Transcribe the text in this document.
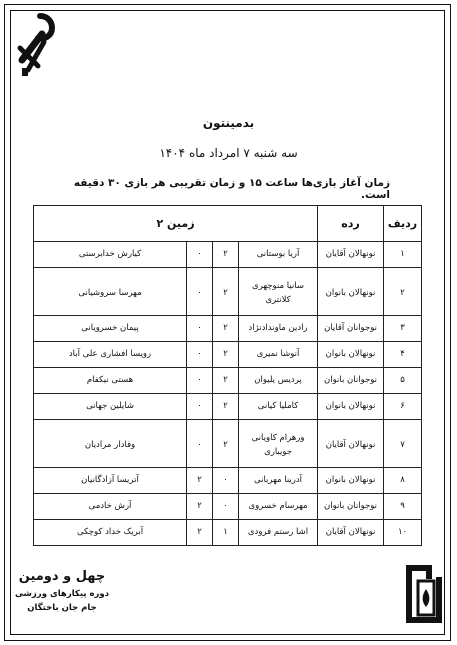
بدمینتون
سه شنبه ۷ امرداد ماه ۱۴۰۴
زمان آغاز بازی‌ها ساعت ۱۵ و زمان تقریبی هر بازی ۳۰ دقیقه است.
ردیف	رده	زمین ۲			
۱	نونهالان آقایان	آریا بوستانی	۲	۰	کیارش خدابرستی
۲	نونهالان بانوان	سانیا منوچهری کلانتری	۲	۰	مهرسا سروشیانی
۳	نوجوانان آقایان	رادین ماوندادنژاد	۲	۰	پیمان خسرویانی
۴	نونهالان بانوان	آنوشا نمیری	۲	۰	رویسا افشاری علی آباد
۵	نوجوانان بانوان	پردیس یلیوان	۲	۰	هستی نیکفام
۶	نونهالان بانوان	کاملیا کیانی	۲	۰	شایلین جهانی
۷	نونهالان آقایان	ورهرام کاویانی جویباری	۲	۰	وفادار مرادیان
۸	نونهالان بانوان	آدرینا مهربانی	۰	۲	آتریسا آزادگانیان
۹	نوجوانان بانوان	مهرسام خسروی	۰	۲	آرش خادمی
۱۰	نونهالان آقایان	اشا رستم فرودی	۱	۲	آبریک خداد کوچکی
چهل و دومین
دوره پیکارهای ورزشی
جام جان باختگان
